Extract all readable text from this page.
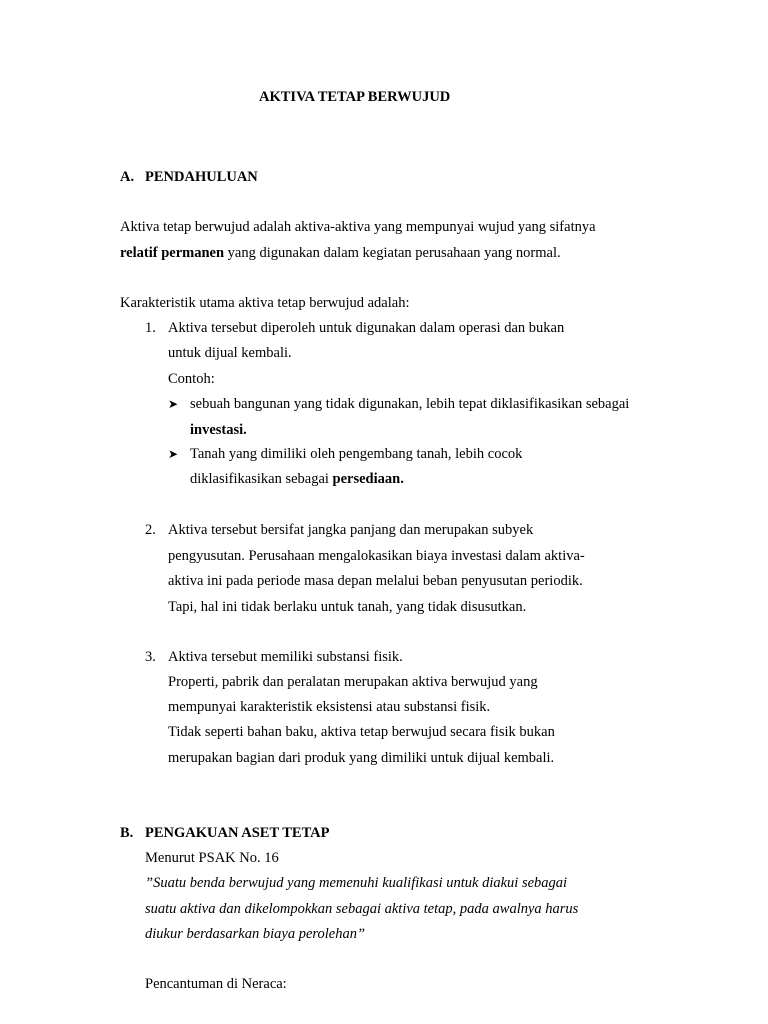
AKTIVA TETAP BERWUJUD
A. PENDAHULUAN
Aktiva tetap berwujud adalah aktiva-aktiva yang mempunyai wujud yang sifatnya
relatif permanen yang digunakan dalam kegiatan perusahaan yang normal.
Karakteristik utama aktiva tetap berwujud adalah:
1. Aktiva tersebut diperoleh untuk digunakan dalam operasi dan bukan
untuk dijual kembali.
Contoh:
➤ sebuah bangunan yang tidak digunakan, lebih tepat diklasifikasikan sebagai
investasi.
➤ Tanah yang dimiliki oleh pengembang tanah, lebih cocok
diklasifikasikan sebagai persediaan.
2. Aktiva tersebut bersifat jangka panjang dan merupakan subyek
pengyusutan. Perusahaan mengalokasikan biaya investasi dalam aktiva-
aktiva ini pada periode masa depan melalui beban penyusutan periodik.
Tapi, hal ini tidak berlaku untuk tanah, yang tidak disusutkan.
3. Aktiva tersebut memiliki substansi fisik.
Properti, pabrik dan peralatan merupakan aktiva berwujud yang
mempunyai karakteristik eksistensi atau substansi fisik.
Tidak seperti bahan baku, aktiva tetap berwujud secara fisik bukan
merupakan bagian dari produk yang dimiliki untuk dijual kembali.
B. PENGAKUAN ASET TETAP
Menurut PSAK No. 16
”Suatu benda berwujud yang memenuhi kualifikasi untuk diakui sebagai
suatu aktiva dan dikelompokkan sebagai aktiva tetap, pada awalnya harus
diukur berdasarkan biaya perolehan”
Pencantuman di Neraca:
